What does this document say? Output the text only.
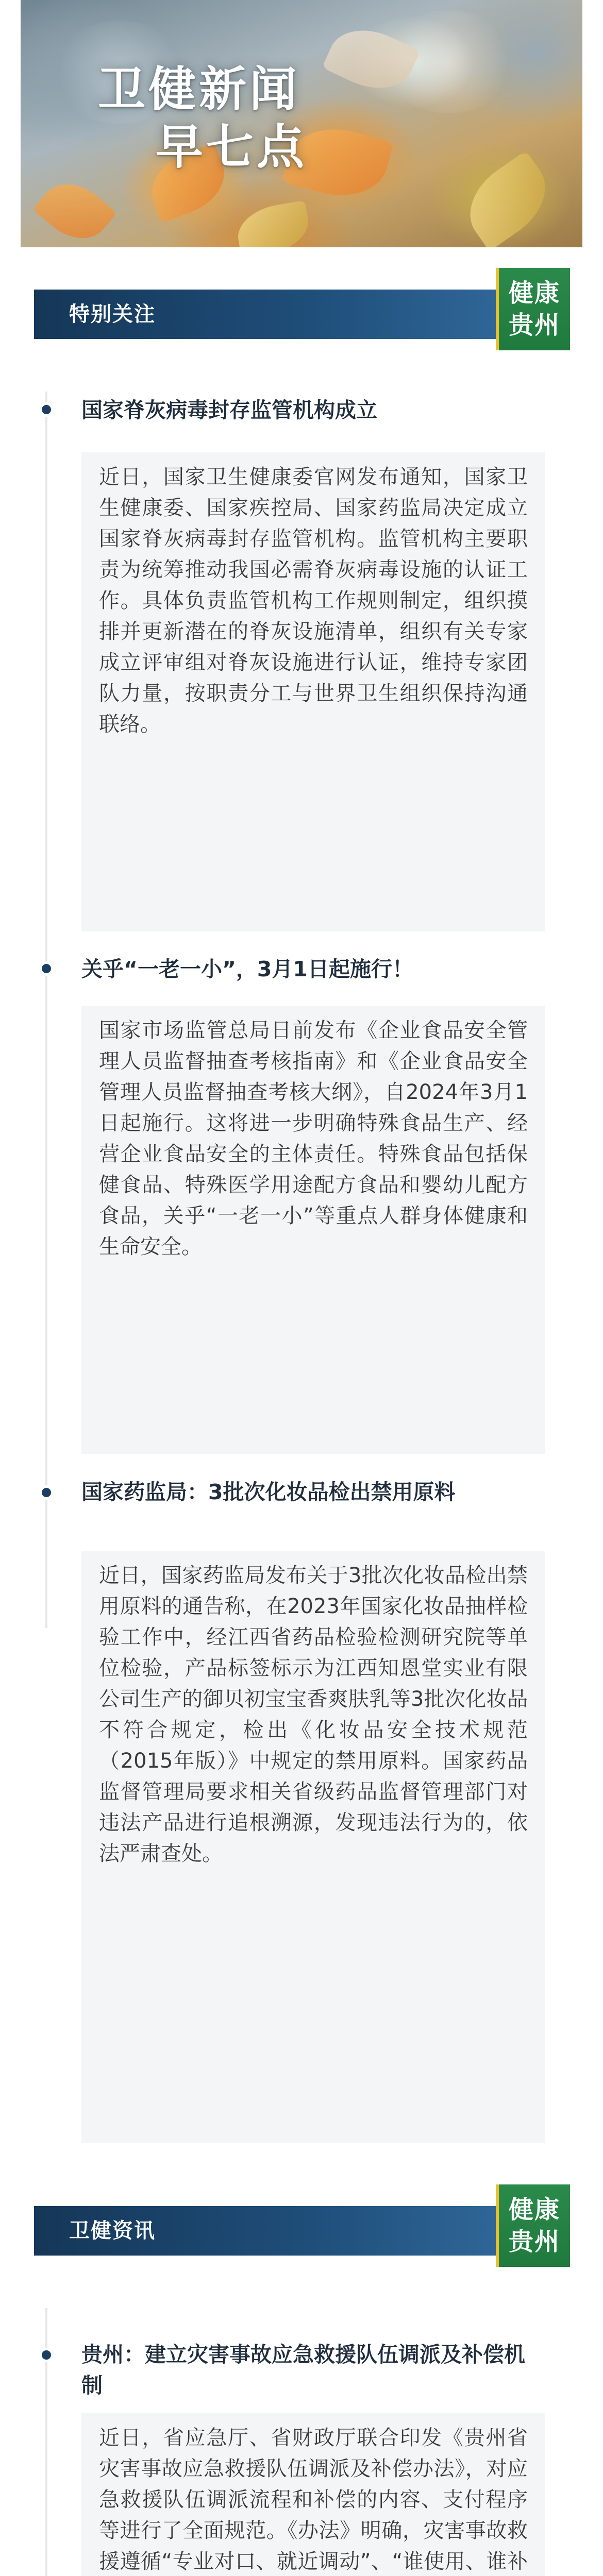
卫健新闻
早七点
特别关注
健康
贵州
国家脊灰病毒封存监管机构成立
近日，国家卫生健康委官网发布通知，国家卫生健康委、国家疾控局、国家药监局决定成立国家脊灰病毒封存监管机构。监管机构主要职责为统筹推动我国必需脊灰病毒设施的认证工作。具体负责监管机构工作规则制定，组织摸排并更新潜在的脊灰设施清单，组织有关专家成立评审组对脊灰设施进行认证，维持专家团队力量，按职责分工与世界卫生组织保持沟通联络。
关乎“一老一小”，3月1日起施行！
国家市场监管总局日前发布《企业食品安全管理人员监督抽查考核指南》和《企业食品安全管理人员监督抽查考核大纲》，自2024年3月1日起施行。这将进一步明确特殊食品生产、经营企业食品安全的主体责任。特殊食品包括保健食品、特殊医学用途配方食品和婴幼儿配方食品，关乎“一老一小”等重点人群身体健康和生命安全。
国家药监局：3批次化妆品检出禁用原料
近日，国家药监局发布关于3批次化妆品检出禁用原料的通告称，在2023年国家化妆品抽样检验工作中，经江西省药品检验检测研究院等单位检验，产品标签标示为江西知恩堂实业有限公司生产的御贝初宝宝香爽肤乳等3批次化妆品不符合规定，检出《化妆品安全技术规范（2015年版）》中规定的禁用原料。国家药品监督管理局要求相关省级药品监督管理部门对违法产品进行追根溯源，发现违法行为的，依法严肃查处。
卫健资讯
健康
贵州
贵州：建立灾害事故应急救援队伍调派及补偿机制
近日，省应急厅、省财政厅联合印发《贵州省灾害事故应急救援队伍调派及补偿办法》，对应急救援队伍调派流程和补偿的内容、支付程序等进行了全面规范。《办法》明确，灾害事故救援遵循“专业对口、就近调动”、“谁使用、谁补
